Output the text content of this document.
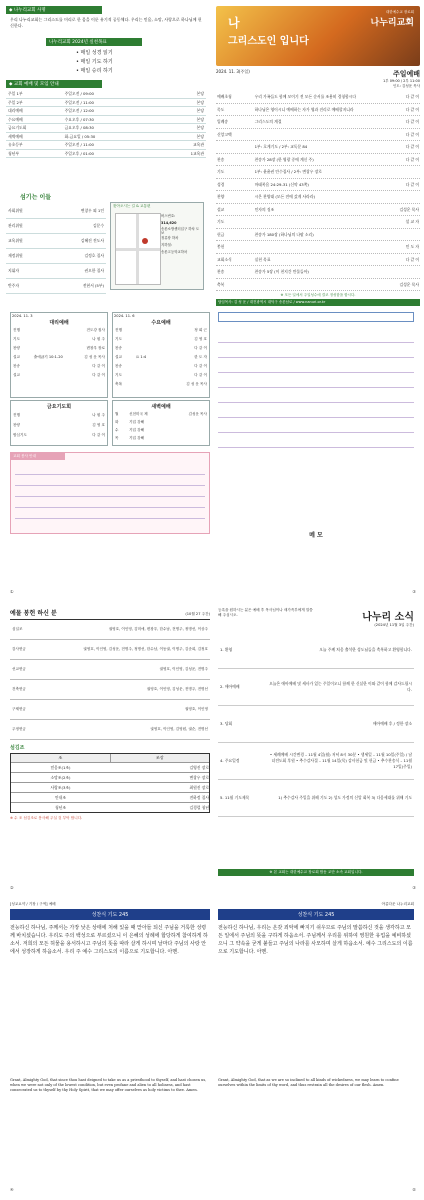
◆ 나누리교회 사명
우리 나누리교회는 그리스도를 머리로 한 몸을 이룬 유기적 공동체다. 우리는 믿음, 소망, 사랑으로 하나님께 헌신한다.
나누리교회 2024년 실천목표
• 매일 성경 읽기
• 매일 기도 하기
• 매일 승리 하기
◆ 교회 예배 및 모임 안내
주일 1부	주일오전 / 09:00	본당
주일 2부	주일오전 / 11:00	본당
대리예배	주일오전 / 12:00	본당
수요예배	수요오후 / 07:30	본당
금요기도회	금요오후 / 08:30	본당
새벽예배	화-금요일 / 05:30	본당
유초등부	주일오전 / 11:00	교육관
청년부	주일오후 / 01:00	1교육관
섬기는 이들
사회위원	변창우 외 1인
관리위원	김문수
교육위원	김혜진 전도사
재정위원	김정호 집사
지휘자	권오한 집사
반주자	전현서 (5부)
찾아오시는 길 & 교통편
버스번호:
314,620
송촌소방센터입구 하차 도보
정류장 하차
지하철:
송촌고등학교하차
나
그리스도인 입니다
대한예수교 장로회
나누리교회
2024. 11. 3(주일)	주일예배
1부 09:00 / 2부 11:00
인도: 김성운 목사
예배초청	우리 가족들도 함께 모이기 전 모든 순서를 조용히 경청합시다	다 같 이
묵도	하나님은 영이시니 예배하는 자가 영과 진리로 예배할지니라	다 같 이
입례송	그리스도의 계절	다 같 이
신앙고백	다 같 이
1부: 호게기도 / 2부: 교독문 84	다 같 이
찬송	찬송가 28장 (한 영광 중에 계신 주)	다 같 이
기도	1부: 윤윤권 안수집사 / 2부: 변창우 장로
성경	마태복음 24:29-31 (신약 43쪽)	다 같 이
찬양	시온 찬양대 (모든 전에 갔게 사라라)
설교	인자의 징조	김성운 목사
기도	설 교 자
헌금	찬송가 180장 (하나님의 나팔 소리)
봉헌	인 도 자
교회소식	실천 목표	다 같 이
찬송	찬송가 5장 (이 천지간 만물들아)
축복	김성운 목사
※ 모든 일에서 주일성수에 결코 정성함을 합시다.
담임목사: 김 성 운 / 대전광역시 대덕구 송촌남로 / www.nanuri.or.kr
2024. 11. 3
대리예배
진행	전도강 집사
기도	나 원 주
찬양	변창우 장로
설교	출애굽기 10:1-20	김 성 운 목사
찬송	다 같 이
설교	다 같 이
2024. 11. 6
수요예배
진행	정 회 근
기도	김 영 호
찬송	다 같 이
설교	요 1:4	한 도 자
찬송	다 같 이
기도	다 같 이
축복	김 성 운 목사
금요기도회
진행	나 원 주
찬양	김 영 호
합심기도	다 같 이
새벽예배
월	신천미국 제	김성운 목사
화	기업 강해
수	기업 강해
목	기업 강해
교회 봉사 안내
메 모
①	③
예물 봉헌 하신 분	(10월 27 주간)
십일조	권영호, 이인영, 김미애, 변창우, 한수남, 전명주, 정명선, 이상주
감사헌금	권영호, 이인영, 김성운, 전명주, 정명선, 한수남, 이동권, 이명주, 김준희, 김정호
선교헌금	권영호, 이인영, 김성운, 전명주
건축헌금	권영호, 이인영, 김성운, 전명주, 전명선
구제헌금	권영호, 이인영
주정헌금	권영호, 이인영, 김영원, 권순, 전명선
섬김조
조	조장
믿음조(1조)	김영진 장로
소망조(2조)	변창우 장로
사랑조(3조)	최원진 장로
안내조	전하정 집사
청년조	김경렬 청년
※ 수 조 섬김조로 봉사해 주실 것 부탁 합니다.
등록을 원하시는 분은 예배 후 목사님이나 새가족부에게 말씀해 주십시오.	나누리 소식
(2024년 11월 3일 주간)
1. 환영	오늘 주께 처음 출석한 성도님들을 축복하고 환영합니다.
2. 애아예배
오늘은 애아예배 및 세사가 있는 주일이오니 함께 한 신실한 이와 같이 함께 감사드립시다.
3. 당회	애아예배 후 / 정한 장소
4. 주요일정
• 세례예배 시간변경 – 11월 4일(월) 저녁 8시 30분 • 생세일 – 11월 10일(주일) / 남녀전도회 후원 • 추수감사절 – 11월 14일(목) 감사헌금 및 헌금 • 추수찬송식 – 11월 17일(주일)
5. 11월 기도제목	1) 추수감사 주일을 위해 기도 2) 성도 가정의 신앙 회복 3) 다음세대를 위해 기도
※ 본 교회는 대한예수교 장로회 합동 교단 소속 교회입니다.
②	③
[성교요약 / 기장 / 구역] 예배
성찬식 기도 245
전능하신 하나님, 주께서는 가장 낮은 상태에 처해 있을 때 맏아들 되신 주님을 거룩한 성령께 바치셨습니다. 우리도 주의 백성으로 부르셨으니 이 은혜의 성례에 합당하게 참여하게 하소서. 저희의 모든 허물을 용서하시고 주님의 뜻을 따라 살게 하시며 날마다 주님의 사랑 안에서 성장하게 하옵소서. 우리 주 예수 그리스도의 이름으로 기도합니다. 아멘.
Grant, Almighty God, that since thou hast deigned to take us as a priesthood to thyself, and hast chosen us, when we were not only of the lowest condition, but even profane and alien to all holiness, and hast consecrated us to thyself by thy Holy Spirit, that we may offer ourselves as holy victims to thee. Amen.
아름다운 나누리교회
성찬식 기도 245
전능하신 하나님, 우리는 온갖 죄악에 빠지기 쉬우므로 주님의 말씀하신 것을 생각하고 모든 일에서 주님의 뜻을 구하게 하옵소서. 주님께서 우리를 위하여 영원한 유업을 예비하셨으니 그 약속을 굳게 붙들고 주님의 나라를 사모하며 살게 하옵소서. 예수 그리스도의 이름으로 기도합니다. 아멘.
Grant, Almighty God, that as we are so inclined to all kinds of wickedness, we may learn to confine ourselves within the limits of thy word, and thus restrain all the desires of our flesh. Amen.
④	⑤
